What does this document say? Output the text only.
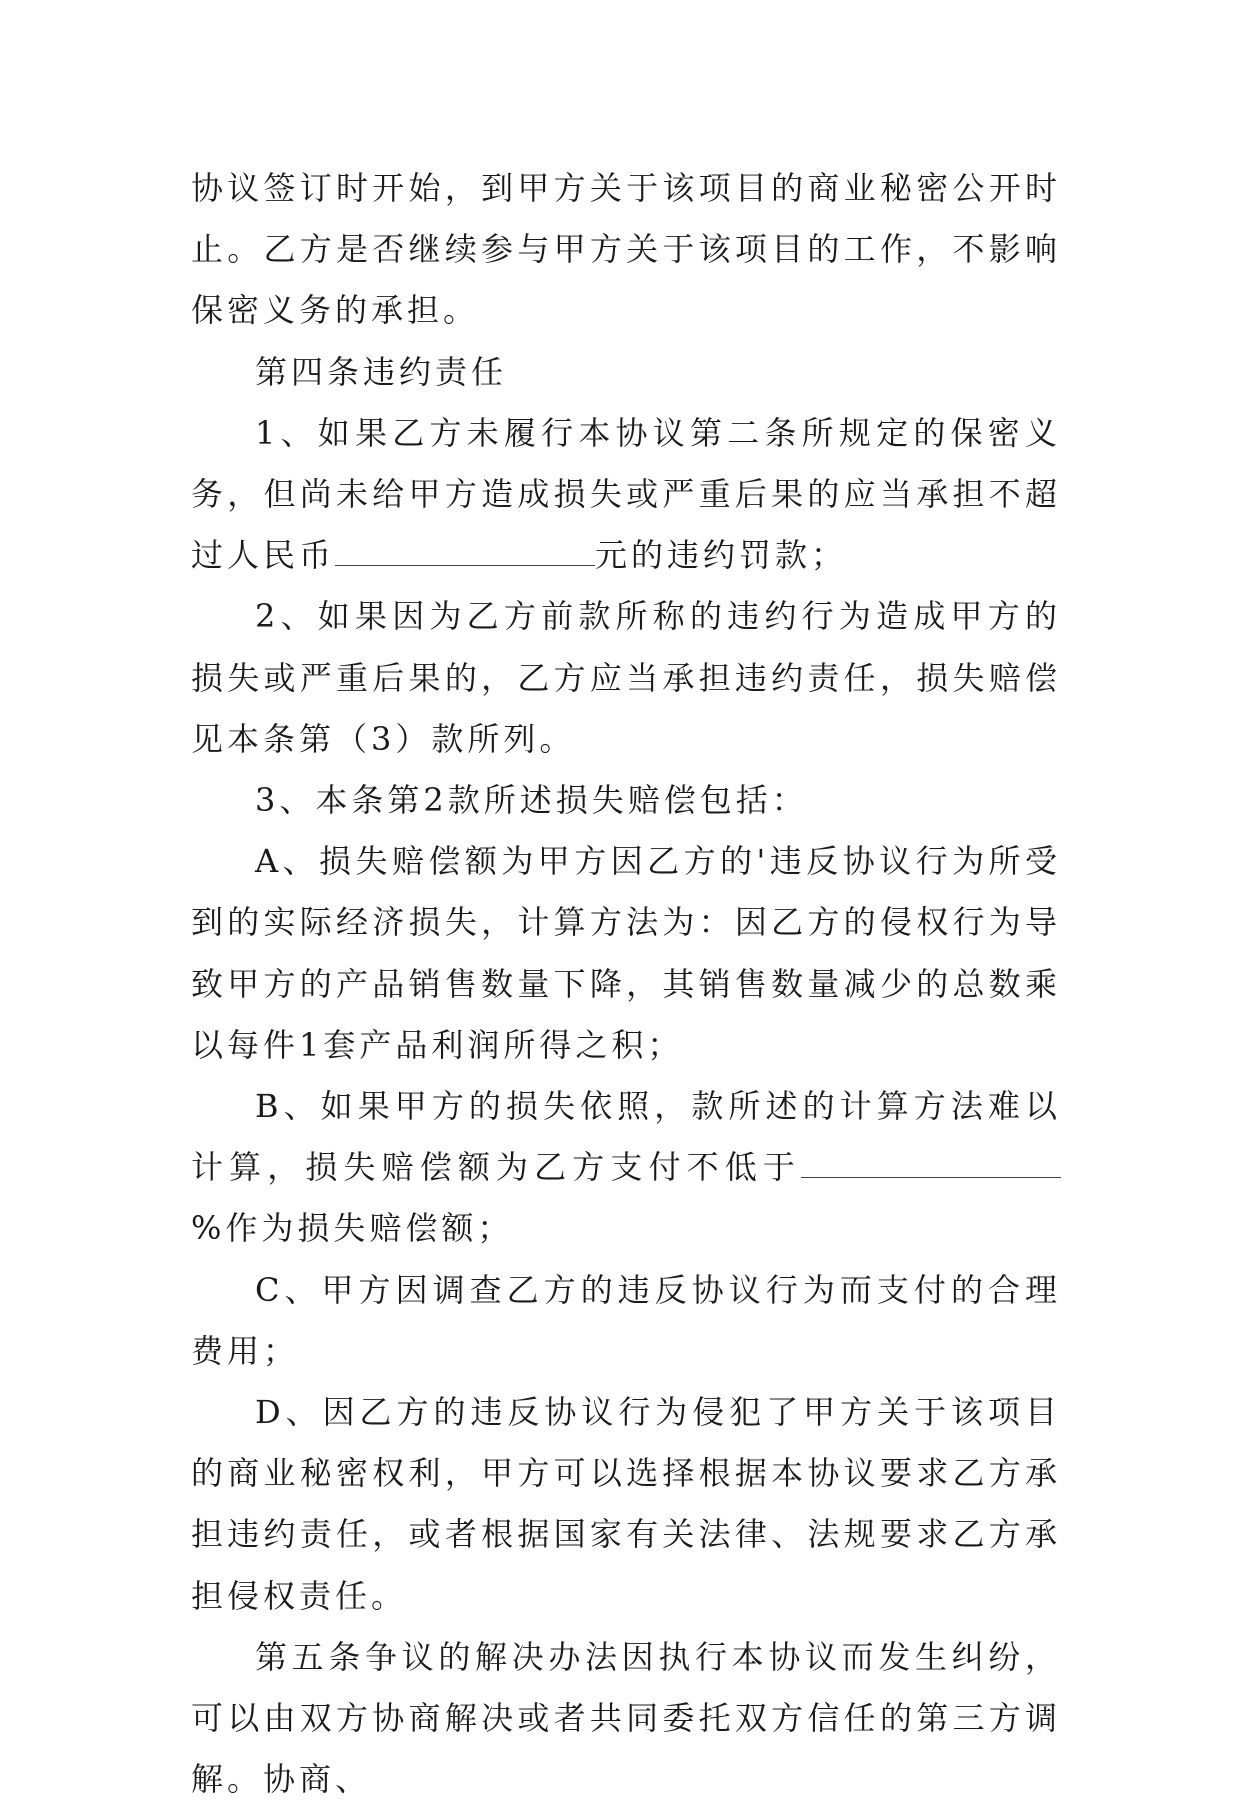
协议签订时开始，到甲方关于该项目的商业秘密公开时止。乙方是否继续参与甲方关于该项目的工作，不影响保密义务的承担。

第四条违约责任

1、如果乙方未履行本协议第二条所规定的保密义务，但尚未给甲方造成损失或严重后果的应当承担不超过人民币	元的违约罚款；

2、如果因为乙方前款所称的违约行为造成甲方的损失或严重后果的，乙方应当承担违约责任，损失赔偿见本条第（3）款所列。

3、本条第2款所述损失赔偿包括：

A、损失赔偿额为甲方因乙方的'违反协议行为所受到的实际经济损失，计算方法为：因乙方的侵权行为导致甲方的产品销售数量下降，其销售数量减少的总数乘以每件1套产品利润所得之积；

B、如果甲方的损失依照，款所述的计算方法难以计算，损失赔偿额为乙方支付不低于%作为损失赔偿额；

C、甲方因调查乙方的违反协议行为而支付的合理费用；

D、因乙方的违反协议行为侵犯了甲方关于该项目的商业秘密权利，甲方可以选择根据本协议要求乙方承担违约责任，或者根据国家有关法律、法规要求乙方承担侵权责任。

第五条争议的解决办法因执行本协议而发生纠纷，可以由双方协商解决或者共同委托双方信任的第三方调解。协商、
